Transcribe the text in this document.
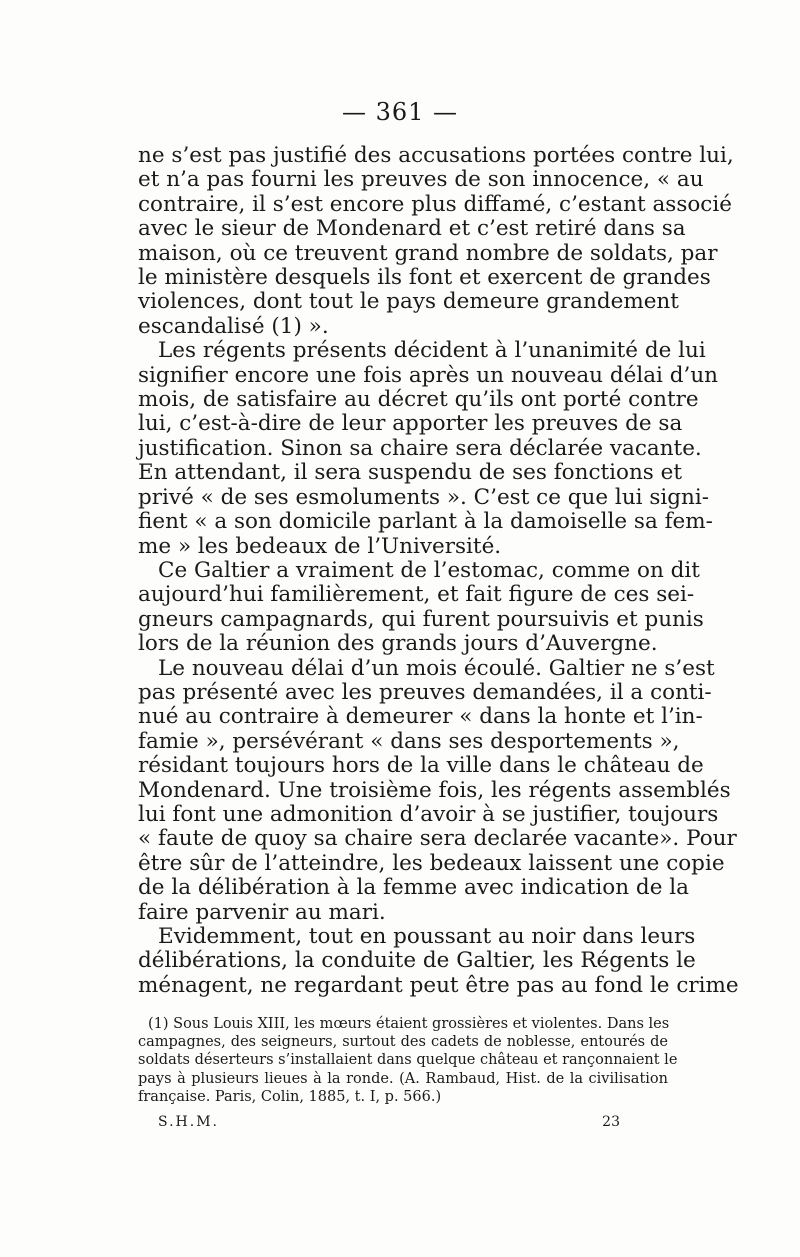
— 361 —
ne s’est pas justifié des accusations portées contre lui,
et n’a pas fourni les preuves de son innocence, « au
contraire, il s’est encore plus diffamé, c’estant associé
avec le sieur de Mondenard et c’est retiré dans sa
maison, où ce treuvent grand nombre de soldats, par
le ministère desquels ils font et exercent de grandes
violences, dont tout le pays demeure grandement
escandalisé (1) ».
Les régents présents décident à l’unanimité de lui
signifier encore une fois après un nouveau délai d’un
mois, de satisfaire au décret qu’ils ont porté contre
lui, c’est-à-dire de leur apporter les preuves de sa
justification. Sinon sa chaire sera déclarée vacante.
En attendant, il sera suspendu de ses fonctions et
privé « de ses esmoluments ». C’est ce que lui signi-
fient « a son domicile parlant à la damoiselle sa fem-
me » les bedeaux de l’Université.
Ce Galtier a vraiment de l’estomac, comme on dit
aujourd’hui familièrement, et fait figure de ces sei-
gneurs campagnards, qui furent poursuivis et punis
lors de la réunion des grands jours d’Auvergne.
Le nouveau délai d’un mois écoulé. Galtier ne s’est
pas présenté avec les preuves demandées, il a conti-
nué au contraire à demeurer « dans la honte et l’in-
famie », persévérant « dans ses desportements »,
résidant toujours hors de la ville dans le château de
Mondenard. Une troisième fois, les régents assemblés
lui font une admonition d’avoir à se justifier, toujours
« faute de quoy sa chaire sera declarée vacante». Pour
être sûr de l’atteindre, les bedeaux laissent une copie
de la délibération à la femme avec indication de la
faire parvenir au mari.
Evidemment, tout en poussant au noir dans leurs
délibérations, la conduite de Galtier, les Régents le
ménagent, ne regardant peut être pas au fond le crime
(1) Sous Louis XIII, les mœurs étaient grossières et violentes. Dans les
campagnes, des seigneurs, surtout des cadets de noblesse, entourés de
soldats déserteurs s’installaient dans quelque château et rançonnaient le
pays à plusieurs lieues à la ronde. (A. Rambaud, Hist. de la civilisation
française. Paris, Colin, 1885, t. I, p. 566.)
S.H.M.	23
